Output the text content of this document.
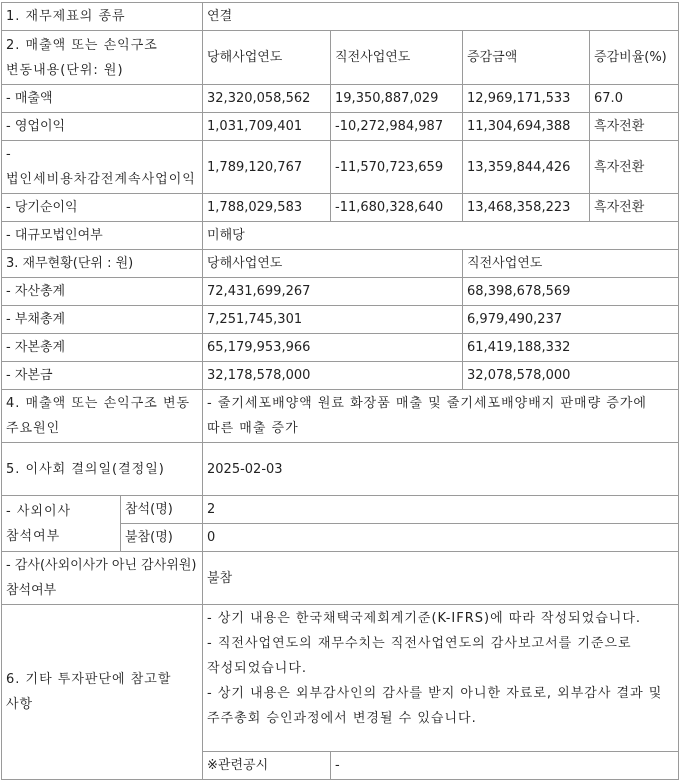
1. 재무제표의 종류		연결			
2. 매출액 또는 손익구조 변동내용(단위: 원)		당해사업연도	직전사업연도	증감금액	증감비율(%)
- 매출액		32,320,058,562	19,350,887,029	12,969,171,533	67.0
- 영업이익		1,031,709,401	-10,272,984,987	11,304,694,388	흑자전환
- 법인세비용차감전계속사업이익		1,789,120,767	-11,570,723,659	13,359,844,426	흑자전환
- 당기순이익		1,788,029,583	-11,680,328,640	13,468,358,223	흑자전환
- 대규모법인여부		미해당			
3. 재무현황(단위 : 원)		당해사업연도		직전사업연도	
- 자산총계		72,431,699,267		68,398,678,569	
- 부채총계		7,251,745,301		6,979,490,237	
- 자본총계		65,179,953,966		61,419,188,332	
- 자본금		32,178,578,000		32,078,578,000	
4. 매출액 또는 손익구조 변동 주요원인		- 줄기세포배양액 원료 화장품 매출 및 줄기세포배양배지 판매량 증가에 따른 매출 증가			
5. 이사회 결의일(결정일)		2025-02-03			
- 사외이사 참석여부	참석(명)	2			
	불참(명)	0			
- 감사(사외이사가 아닌 감사위원)참석여부		불참			
6. 기타 투자판단에 참고할 사항		- 상기 내용은 한국채택국제회계기준(K-IFRS)에 따라 작성되었습니다.
- 직전사업연도의 재무수치는 직전사업연도의 감사보고서를 기준으로 작성되었습니다.
- 상기 내용은 외부감사인의 감사를 받지 아니한 자료로, 외부감사 결과 및 주주총회 승인과정에서 변경될 수 있습니다.			

		※관련공시	-		
